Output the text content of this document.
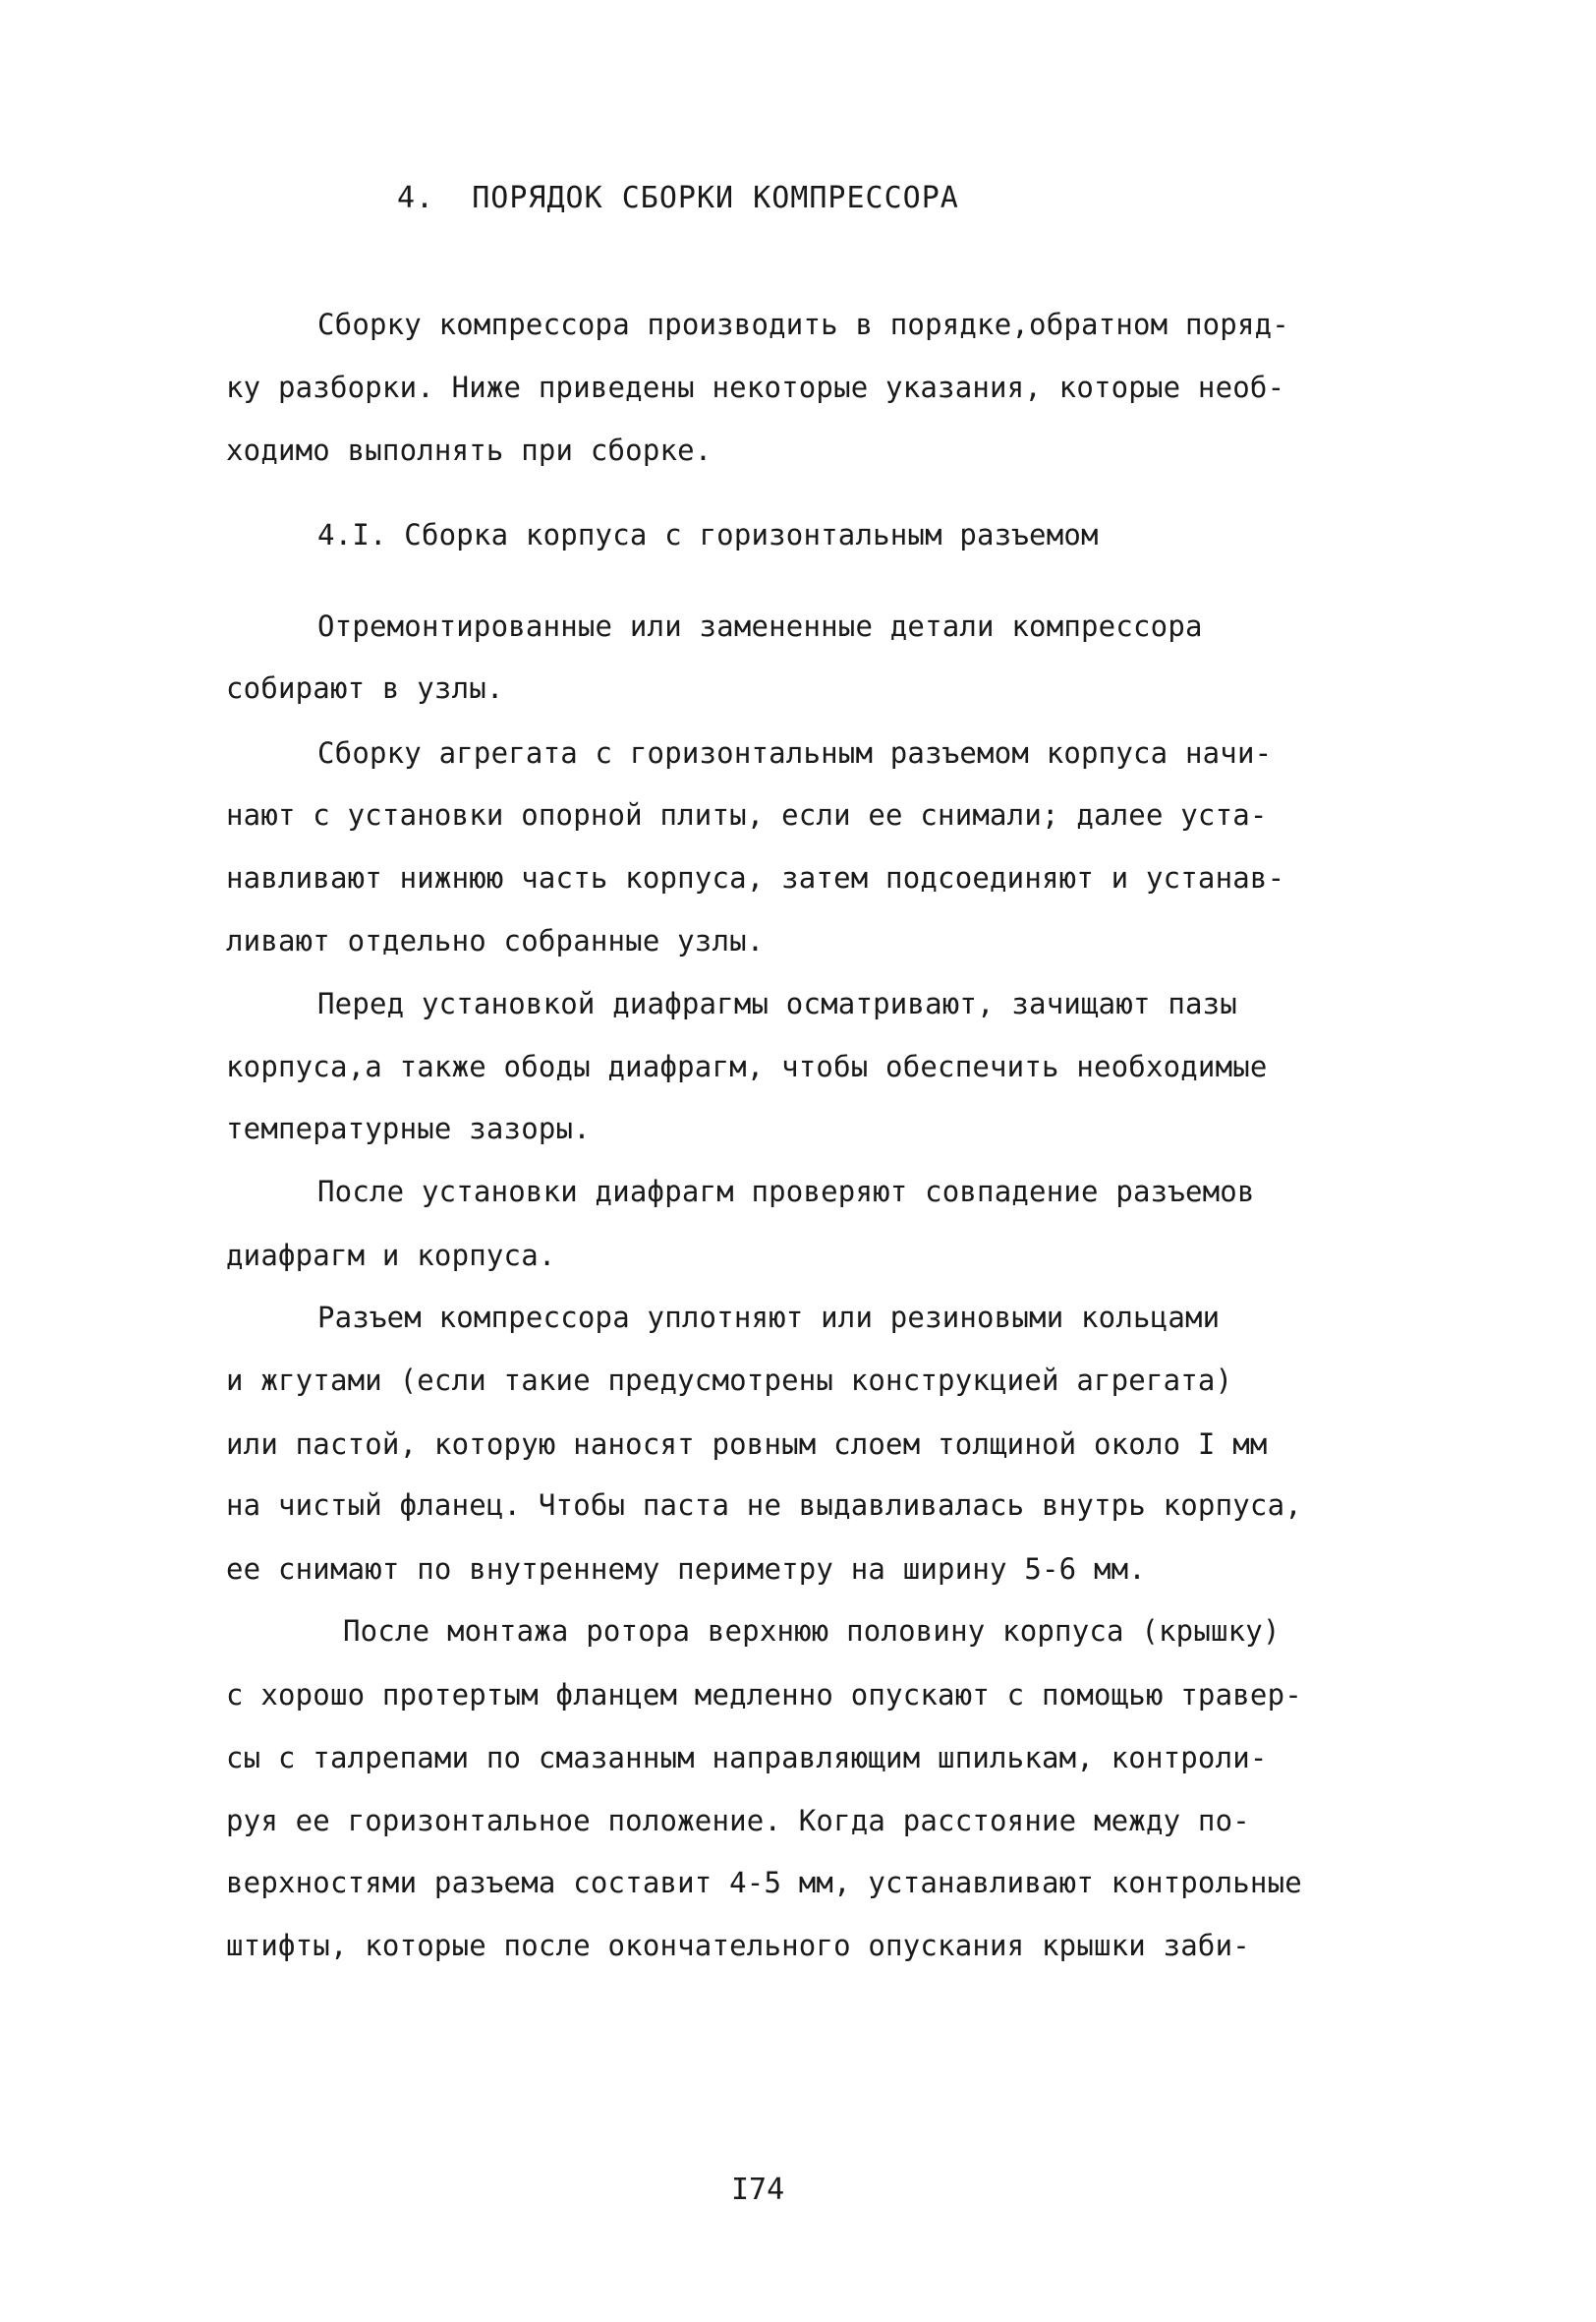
4.  ПОРЯДОК СБОРКИ КОМПРЕССОРА
Сборку компрессора производить в порядке,обратном поряд-
ку разборки. Ниже приведены некоторые указания, которые необ-
ходимо выполнять при сборке.
4.I. Сборка корпуса с горизонтальным разъемом
Отремонтированные или замененные детали компрессора
собирают в узлы.
Сборку агрегата с горизонтальным разъемом корпуса начи-
нают с установки опорной плиты, если ее снимали; далее уста-
навливают нижнюю часть корпуса, затем подсоединяют и устанав-
ливают отдельно собранные узлы.
Перед установкой диафрагмы осматривают, зачищают пазы
корпуса,а также ободы диафрагм, чтобы обеспечить необходимые
температурные зазоры.
После установки диафрагм проверяют совпадение разъемов
диафрагм и корпуса.
Разъем компрессора уплотняют или резиновыми кольцами
и жгутами (если такие предусмотрены конструкцией агрегата)
или пастой, которую наносят ровным слоем толщиной около I мм
на чистый фланец. Чтобы паста не выдавливалась внутрь корпуса,
ее снимают по внутреннему периметру на ширину 5-6 мм.
После монтажа ротора верхнюю половину корпуса (крышку)
с хорошо протертым фланцем медленно опускают с помощью травер-
сы с талрепами по смазанным направляющим шпилькам, контроли-
руя ее горизонтальное положение. Когда расстояние между по-
верхностями разъема составит 4-5 мм, устанавливают контрольные
штифты, которые после окончательного опускания крышки заби-
I74
